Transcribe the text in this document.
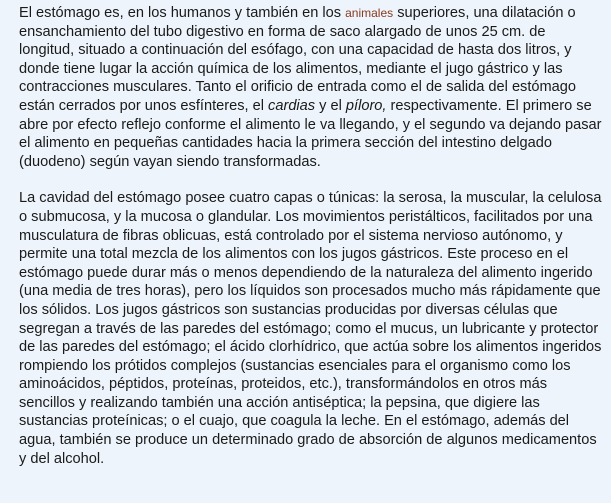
El estómago es, en los humanos y también en los animales superiores, una dilatación o ensanchamiento del tubo digestivo en forma de saco alargado de unos 25 cm. de longitud, situado a continuación del esófago, con una capacidad de hasta dos litros, y donde tiene lugar la acción química de los alimentos, mediante el jugo gástrico y las contracciones musculares. Tanto el orificio de entrada como el de salida del estómago están cerrados por unos esfínteres, el cardias y el píloro, respectivamente. El primero se abre por efecto reflejo conforme el alimento le va llegando, y el segundo va dejando pasar el alimento en pequeñas cantidades hacia la primera sección del intestino delgado (duodeno) según vayan siendo transformadas.

La cavidad del estómago posee cuatro capas o túnicas: la serosa, la muscular, la celulosa o submucosa, y la mucosa o glandular. Los movimientos peristálticos, facilitados por una musculatura de fibras oblicuas, está controlado por el sistema nervioso autónomo, y permite una total mezcla de los alimentos con los jugos gástricos. Este proceso en el estómago puede durar más o menos dependiendo de la naturaleza del alimento ingerido (una media de tres horas), pero los líquidos son procesados mucho más rápidamente que los sólidos. Los jugos gástricos son sustancias producidas por diversas células que segregan a través de las paredes del estómago; como el mucus, un lubricante y protector de las paredes del estómago; el ácido clorhídrico, que actúa sobre los alimentos ingeridos rompiendo los prótidos complejos (sustancias esenciales para el organismo como los aminoácidos, péptidos, proteínas, proteidos, etc.), transformándolos en otros más sencillos y realizando también una acción antiséptica; la pepsina, que digiere las sustancias proteínicas; o el cuajo, que coagula la leche. En el estómago, además del agua, también se produce un determinado grado de absorción de algunos medicamentos y del alcohol.
